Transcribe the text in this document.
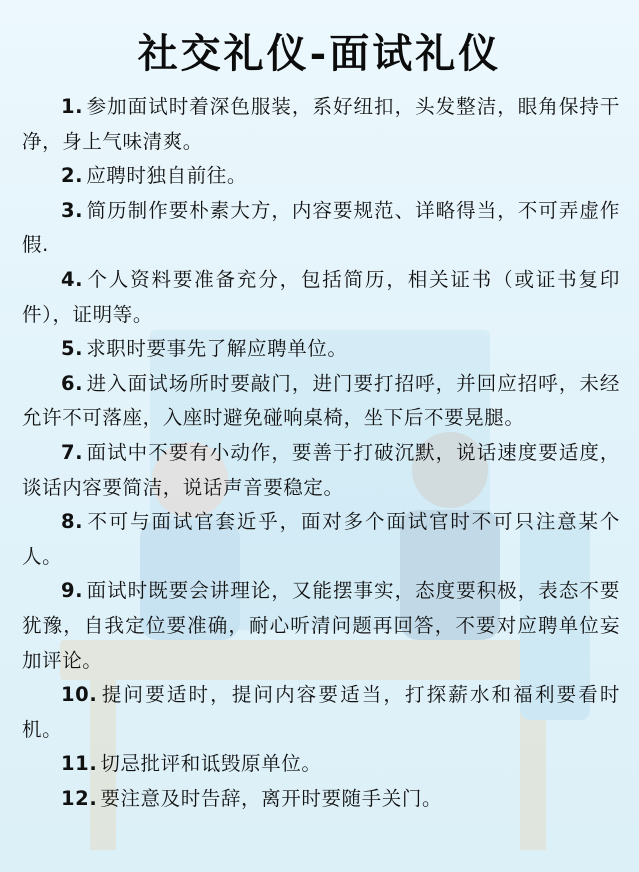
社交礼仪-面试礼仪

1. 参加面试时着深色服装，系好纽扣，头发整洁，眼角保持干净，身上气味清爽。

2. 应聘时独自前往。

3. 简历制作要朴素大方，内容要规范、详略得当，不可弄虚作假.

4. 个人资料要准备充分，包括简历，相关证书（或证书复印件），证明等。

5. 求职时要事先了解应聘单位。

6. 进入面试场所时要敲门，进门要打招呼，并回应招呼，未经允许不可落座，入座时避免碰响桌椅，坐下后不要晃腿。

7. 面试中不要有小动作，要善于打破沉默，说话速度要适度，谈话内容要简洁，说话声音要稳定。

8. 不可与面试官套近乎，面对多个面试官时不可只注意某个人。

9. 面试时既要会讲理论，又能摆事实，态度要积极，表态不要犹豫，自我定位要准确，耐心听清问题再回答，不要对应聘单位妄加评论。

10. 提问要适时，提问内容要适当，打探薪水和福利要看时机。

11. 切忌批评和诋毁原单位。

12. 要注意及时告辞，离开时要随手关门。
